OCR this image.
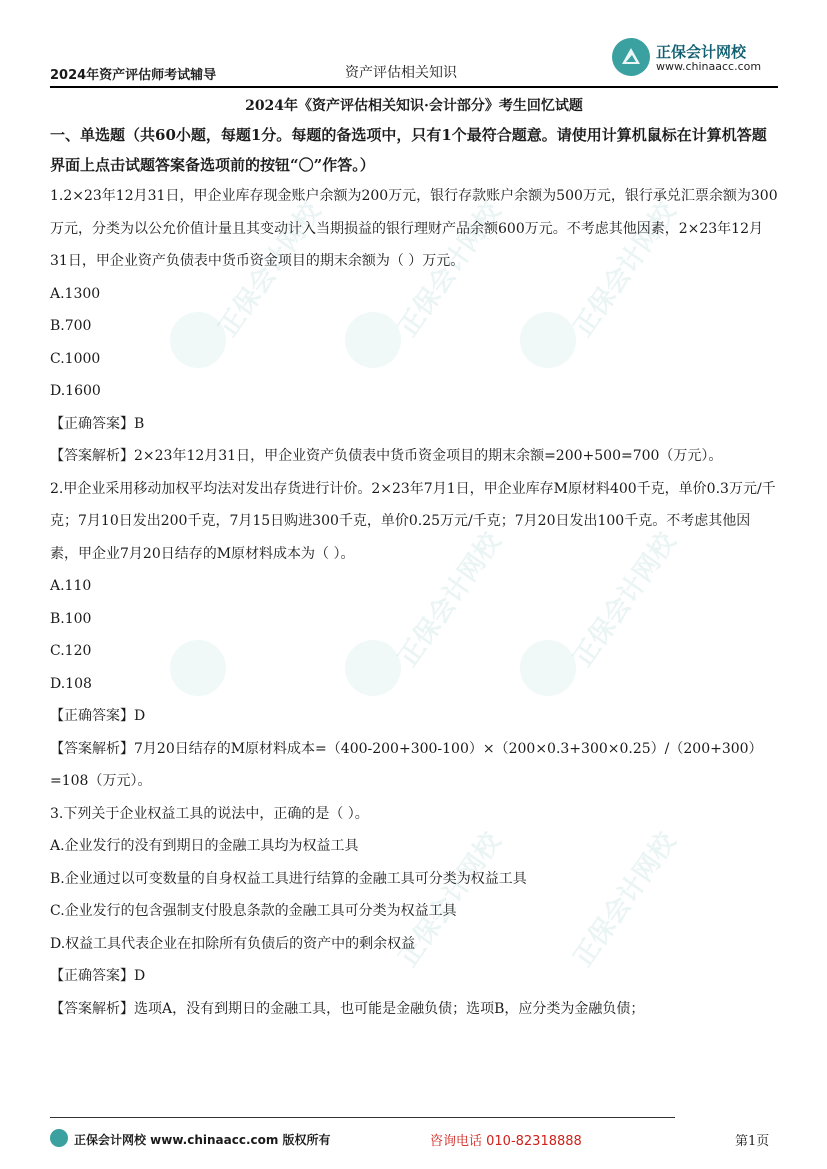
2024年资产评估师考试辅导	资产评估相关知识
正保会计网校
www.chinaacc.com
正保会计网校	正保会计网校 正保会计网校
正保会计网校 正保会计网校
正保会计网校 正保会计网校
2024年《资产评估相关知识·会计部分》考生回忆试题
一、单选题（共60小题，每题1分。每题的备选项中，只有1个最符合题意。请使用计算机鼠标在计算机答题界面上点击试题答案备选项前的按钮“〇”作答。）
1.2×23年12月31日，甲企业库存现金账户余额为200万元，银行存款账户余额为500万元，银行承兑汇票余额为300万元，分类为以公允价值计量且其变动计入当期损益的银行理财产品余额600万元。不考虑其他因素，2×23年12月31日，甲企业资产负债表中货币资金项目的期末余额为（ ）万元。
A.1300
B.700
C.1000
D.1600
【正确答案】B
【答案解析】2×23年12月31日，甲企业资产负债表中货币资金项目的期末余额=200+500=700（万元）。
2.甲企业采用移动加权平均法对发出存货进行计价。2×23年7月1日，甲企业库存M原材料400千克，单价0.3万元/千克；7月10日发出200千克，7月15日购进300千克，单价0.25万元/千克；7月20日发出100千克。不考虑其他因素，甲企业7月20日结存的M原材料成本为（ ）。
A.110
B.100
C.120
D.108
【正确答案】D
【答案解析】7月20日结存的M原材料成本=（400-200+300-100）×（200×0.3+300×0.25）/（200+300）=108（万元）。
3.下列关于企业权益工具的说法中，正确的是（ ）。
A.企业发行的没有到期日的金融工具均为权益工具
B.企业通过以可变数量的自身权益工具进行结算的金融工具可分类为权益工具
C.企业发行的包含强制支付股息条款的金融工具可分类为权益工具
D.权益工具代表企业在扣除所有负债后的资产中的剩余权益
【正确答案】D
【答案解析】选项A，没有到期日的金融工具，也可能是金融负债；选项B，应分类为金融负债；
正保会计网校 www.chinaacc.com 版权所有	咨询电话 010-82318888	第1页
